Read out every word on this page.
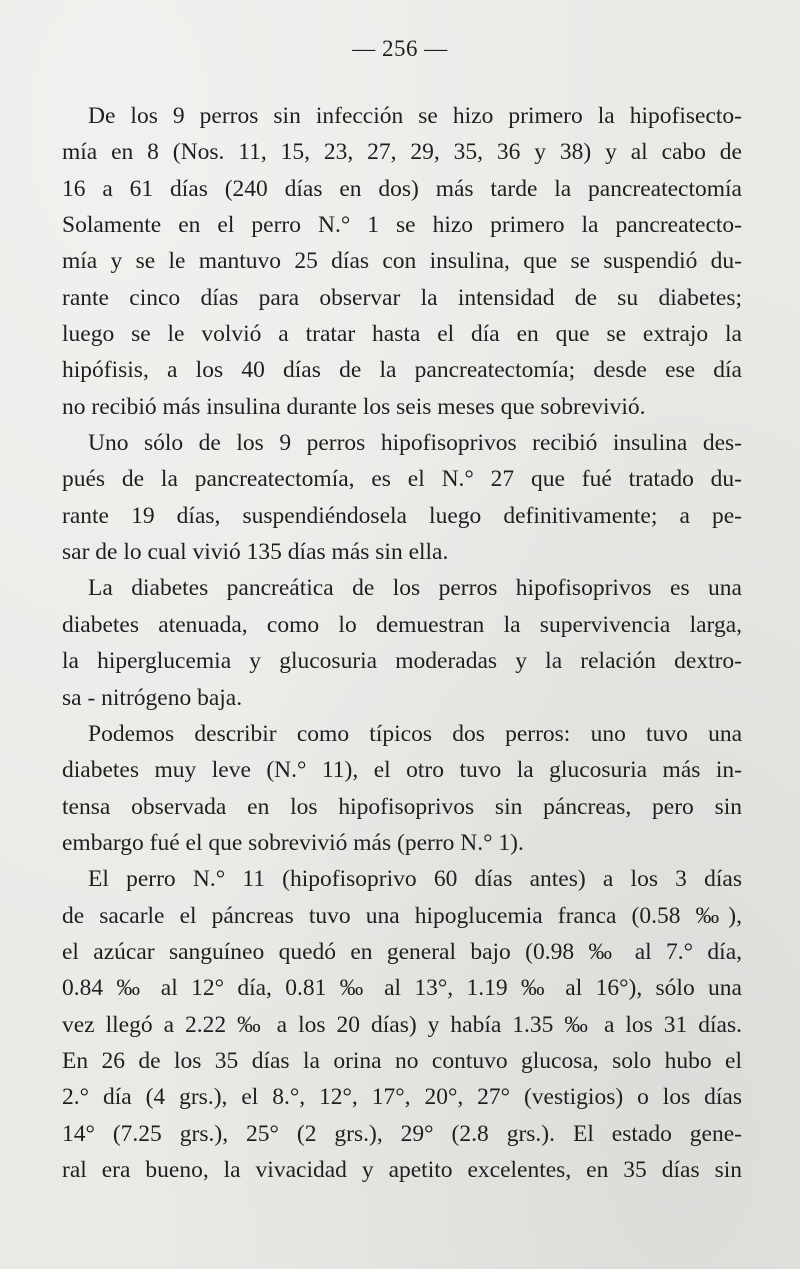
— 256 —
De los 9 perros sin infección se hizo primero la hipofisecto-
mía en 8 (Nos. 11, 15, 23, 27, 29, 35, 36 y 38) y al cabo de
16 a 61 días (240 días en dos) más tarde la pancreatectomía
Solamente en el perro N.° 1 se hizo primero la pancreatecto-
mía y se le mantuvo 25 días con insulina, que se suspendió du-
rante cinco días para observar la intensidad de su diabetes;
luego se le volvió a tratar hasta el día en que se extrajo la
hipófisis, a los 40 días de la pancreatectomía; desde ese día
no recibió más insulina durante los seis meses que sobrevivió.
Uno sólo de los 9 perros hipofisoprivos recibió insulina des-
pués de la pancreatectomía, es el N.° 27 que fué tratado du-
rante 19 días, suspendiéndosela luego definitivamente; a pe-
sar de lo cual vivió 135 días más sin ella.
La diabetes pancreática de los perros hipofisoprivos es una
diabetes atenuada, como lo demuestran la supervivencia larga,
la hiperglucemia y glucosuria moderadas y la relación dextro-
sa - nitrógeno baja.
Podemos describir como típicos dos perros: uno tuvo una
diabetes muy leve (N.° 11), el otro tuvo la glucosuria más in-
tensa observada en los hipofisoprivos sin páncreas, pero sin
embargo fué el que sobrevivió más (perro N.° 1).
El perro N.° 11 (hipofisoprivo 60 días antes) a los 3 días
de sacarle el páncreas tuvo una hipoglucemia franca (0.58 ‰),
el azúcar sanguíneo quedó en general bajo (0.98 ‰ al 7.° día,
0.84 ‰ al 12° día, 0.81 ‰ al 13°, 1.19 ‰ al 16°), sólo una
vez llegó a 2.22 ‰ a los 20 días) y había 1.35 ‰ a los 31 días.
En 26 de los 35 días la orina no contuvo glucosa, solo hubo el
2.° día (4 grs.), el 8.°, 12°, 17°, 20°, 27° (vestigios) o los días
14° (7.25 grs.), 25° (2 grs.), 29° (2.8 grs.). El estado gene-
ral era bueno, la vivacidad y apetito excelentes, en 35 días sin
